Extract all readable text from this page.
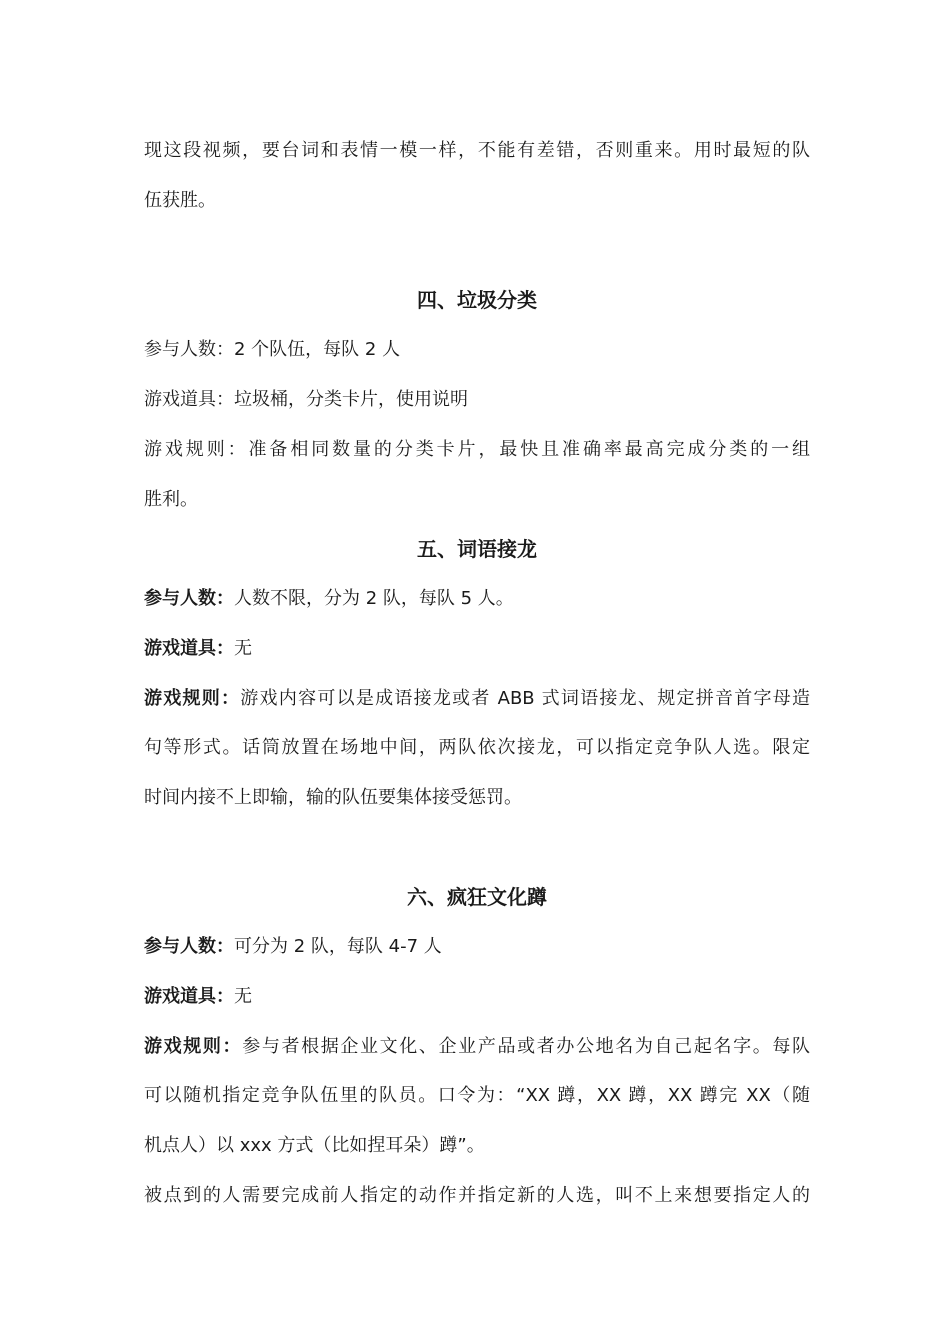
现这段视频，要台词和表情一模一样，不能有差错，否则重来。用时最短的队
伍获胜。
四、垃圾分类
参与人数：2 个队伍，每队 2 人
游戏道具：垃圾桶，分类卡片，使用说明
游戏规则：准备相同数量的分类卡片，最快且准确率最高完成分类的一组
胜利。
五、词语接龙
参与人数：人数不限，分为 2 队，每队 5 人。
游戏道具：无
游戏规则：游戏内容可以是成语接龙或者 ABB 式词语接龙、规定拼音首字母造
句等形式。话筒放置在场地中间，两队依次接龙，可以指定竞争队人选。限定
时间内接不上即输，输的队伍要集体接受惩罚。
六、疯狂文化蹲
参与人数：可分为 2 队，每队 4-7 人
游戏道具：无
游戏规则：参与者根据企业文化、企业产品或者办公地名为自己起名字。每队
可以随机指定竞争队伍里的队员。口令为：“XX 蹲，XX 蹲，XX 蹲完 XX（随
机点人）以 xxx 方式（比如捏耳朵）蹲”。
被点到的人需要完成前人指定的动作并指定新的人选，叫不上来想要指定人的
